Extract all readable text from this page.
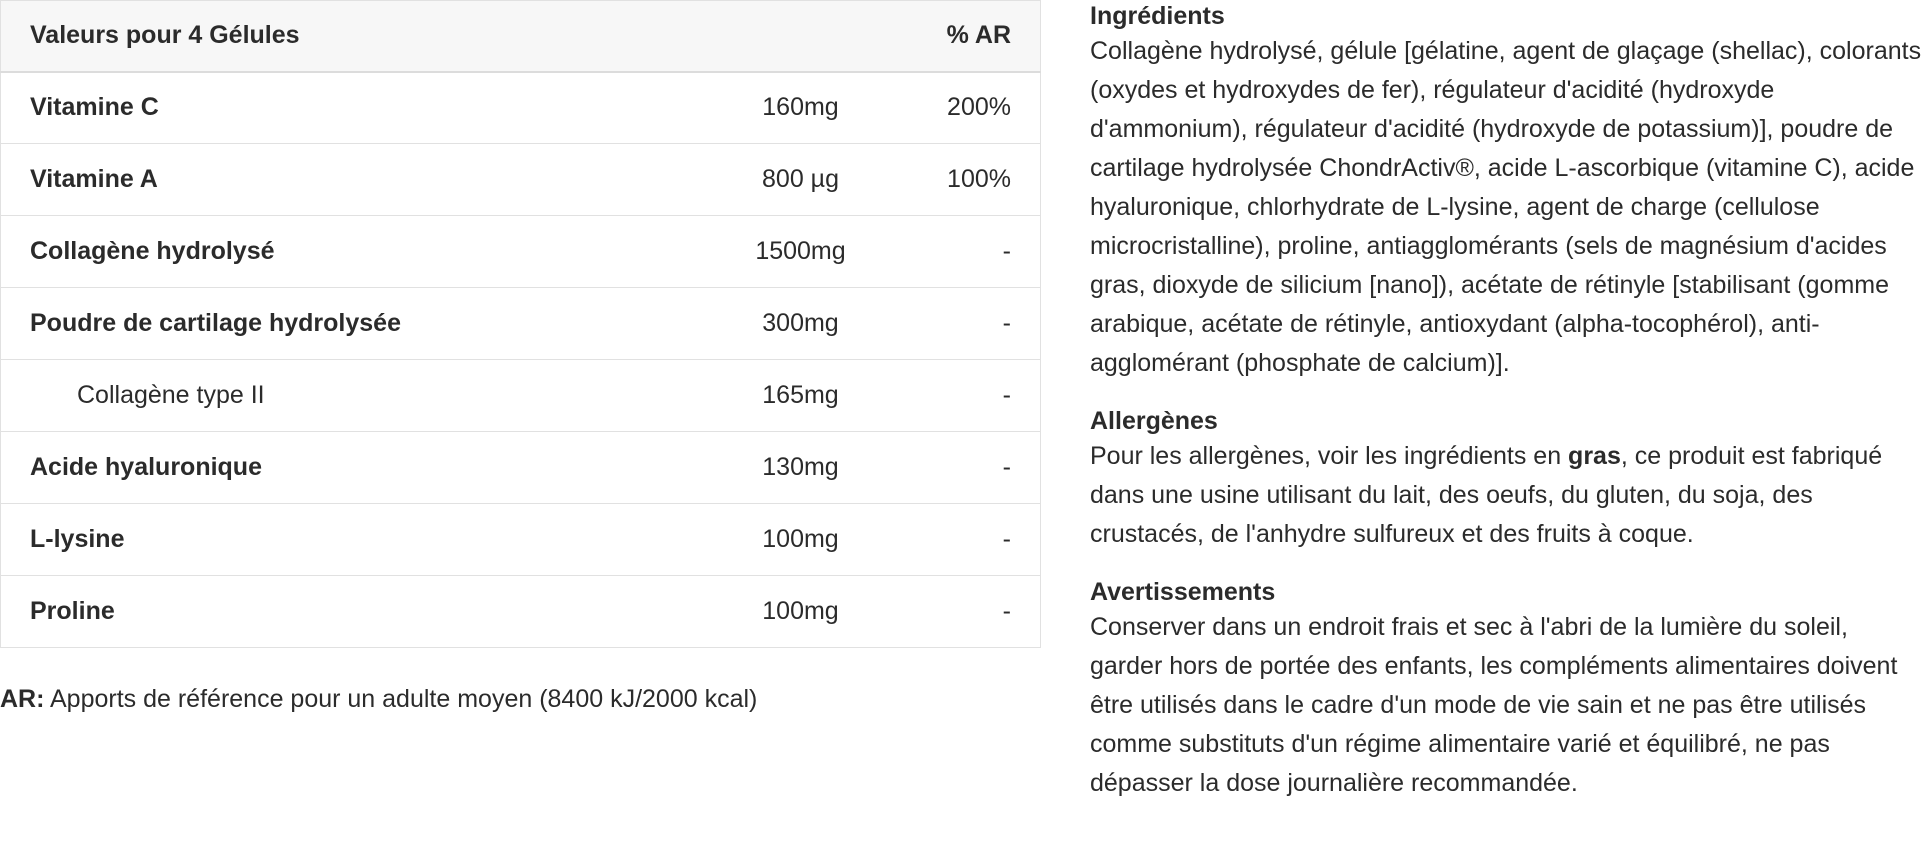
Valeurs pour 4 Gélules		% AR
Vitamine C	160mg	200%
Vitamine A	800 µg	100%
Collagène hydrolysé	1500mg	-
Poudre de cartilage hydrolysée	300mg	-
Collagène type II	165mg	-
Acide hyaluronique	130mg	-
L-lysine	100mg	-
Proline	100mg	-
AR: Apports de référence pour un adulte moyen (8400 kJ/2000 kcal)

Ingrédients

Collagène hydrolysé, gélule [gélatine, agent de glaçage (shellac), colorants (oxydes et hydroxydes de fer), régulateur d'acidité (hydroxyde d'ammonium), régulateur d'acidité (hydroxyde de potassium)], poudre de cartilage hydrolysée ChondrActiv®, acide L-ascorbique (vitamine C), acide hyaluronique, chlorhydrate de L-lysine, agent de charge (cellulose microcristalline), proline, antiagglomérants (sels de magnésium d'acides gras, dioxyde de silicium [nano]), acétate de rétinyle [stabilisant (gomme arabique, acétate de rétinyle, antioxydant (alpha-tocophérol), anti-agglomérant (phosphate de calcium)].

Allergènes

Pour les allergènes, voir les ingrédients en gras, ce produit est fabriqué dans une usine utilisant du lait, des oeufs, du gluten, du soja, des crustacés, de l'anhydre sulfureux et des fruits à coque.

Avertissements

Conserver dans un endroit frais et sec à l'abri de la lumière du soleil, garder hors de portée des enfants, les compléments alimentaires doivent être utilisés dans le cadre d'un mode de vie sain et ne pas être utilisés comme substituts d'un régime alimentaire varié et équilibré, ne pas dépasser la dose journalière recommandée.
